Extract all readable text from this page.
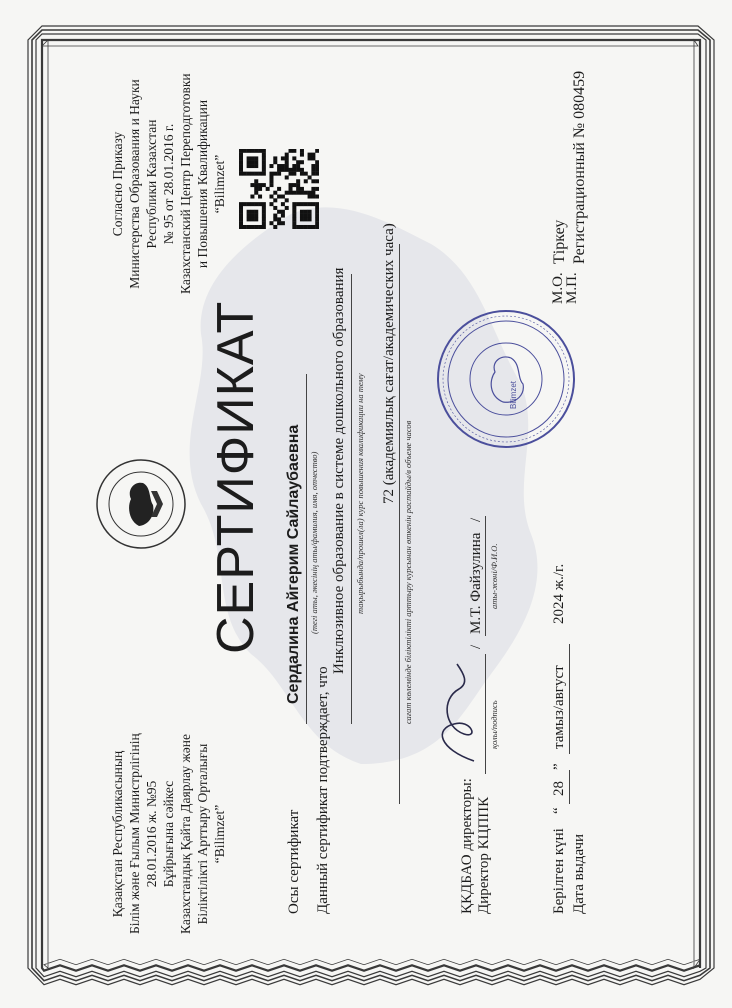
Қазақстан Республикасының Білім және Ғылым Министрлігінің 28.01.2016 ж. №95 Бұйрығына сәйкес Казахстандық Қайта Даярлау және Біліктілікті Арттыру Орталығы “Bilimzet”
Согласно Приказу Министерства Образования и Науки Республики Казахстан № 95 от 28.01.2016 г. Казахстанский Центр Переподготовки и Повышения Квалификации “Bilimzet”
СЕРТИФИКАТ
Осы сертификат
Сердалина Айгерим Сайлаубаевна (тегі аты, әкесінің аты/фамилия, имя, отчество)
Данный сертификат подтверждает, что
Инклюзивное образование в системе дошкольного образования тақырыбында/прошел(ла) курс повышения квалификации на тему 72 (академиялық сағат/академических часа)
сағат көлемінде біліктілікті арттыру курсынан өткенін растайды/в объеме часов
ҚКДБАО директоры: Директор КЦППК
қолы/подпись
/
М.Т. Файзулина
/
аты-жөні/Ф.И.О.
Берілген күні Дата выдачи
“
28
”
тамыз/август
2024 ж./г.
Bilimzet
М.О.
М.П.
Тіркеу Регистрационный № 080459
